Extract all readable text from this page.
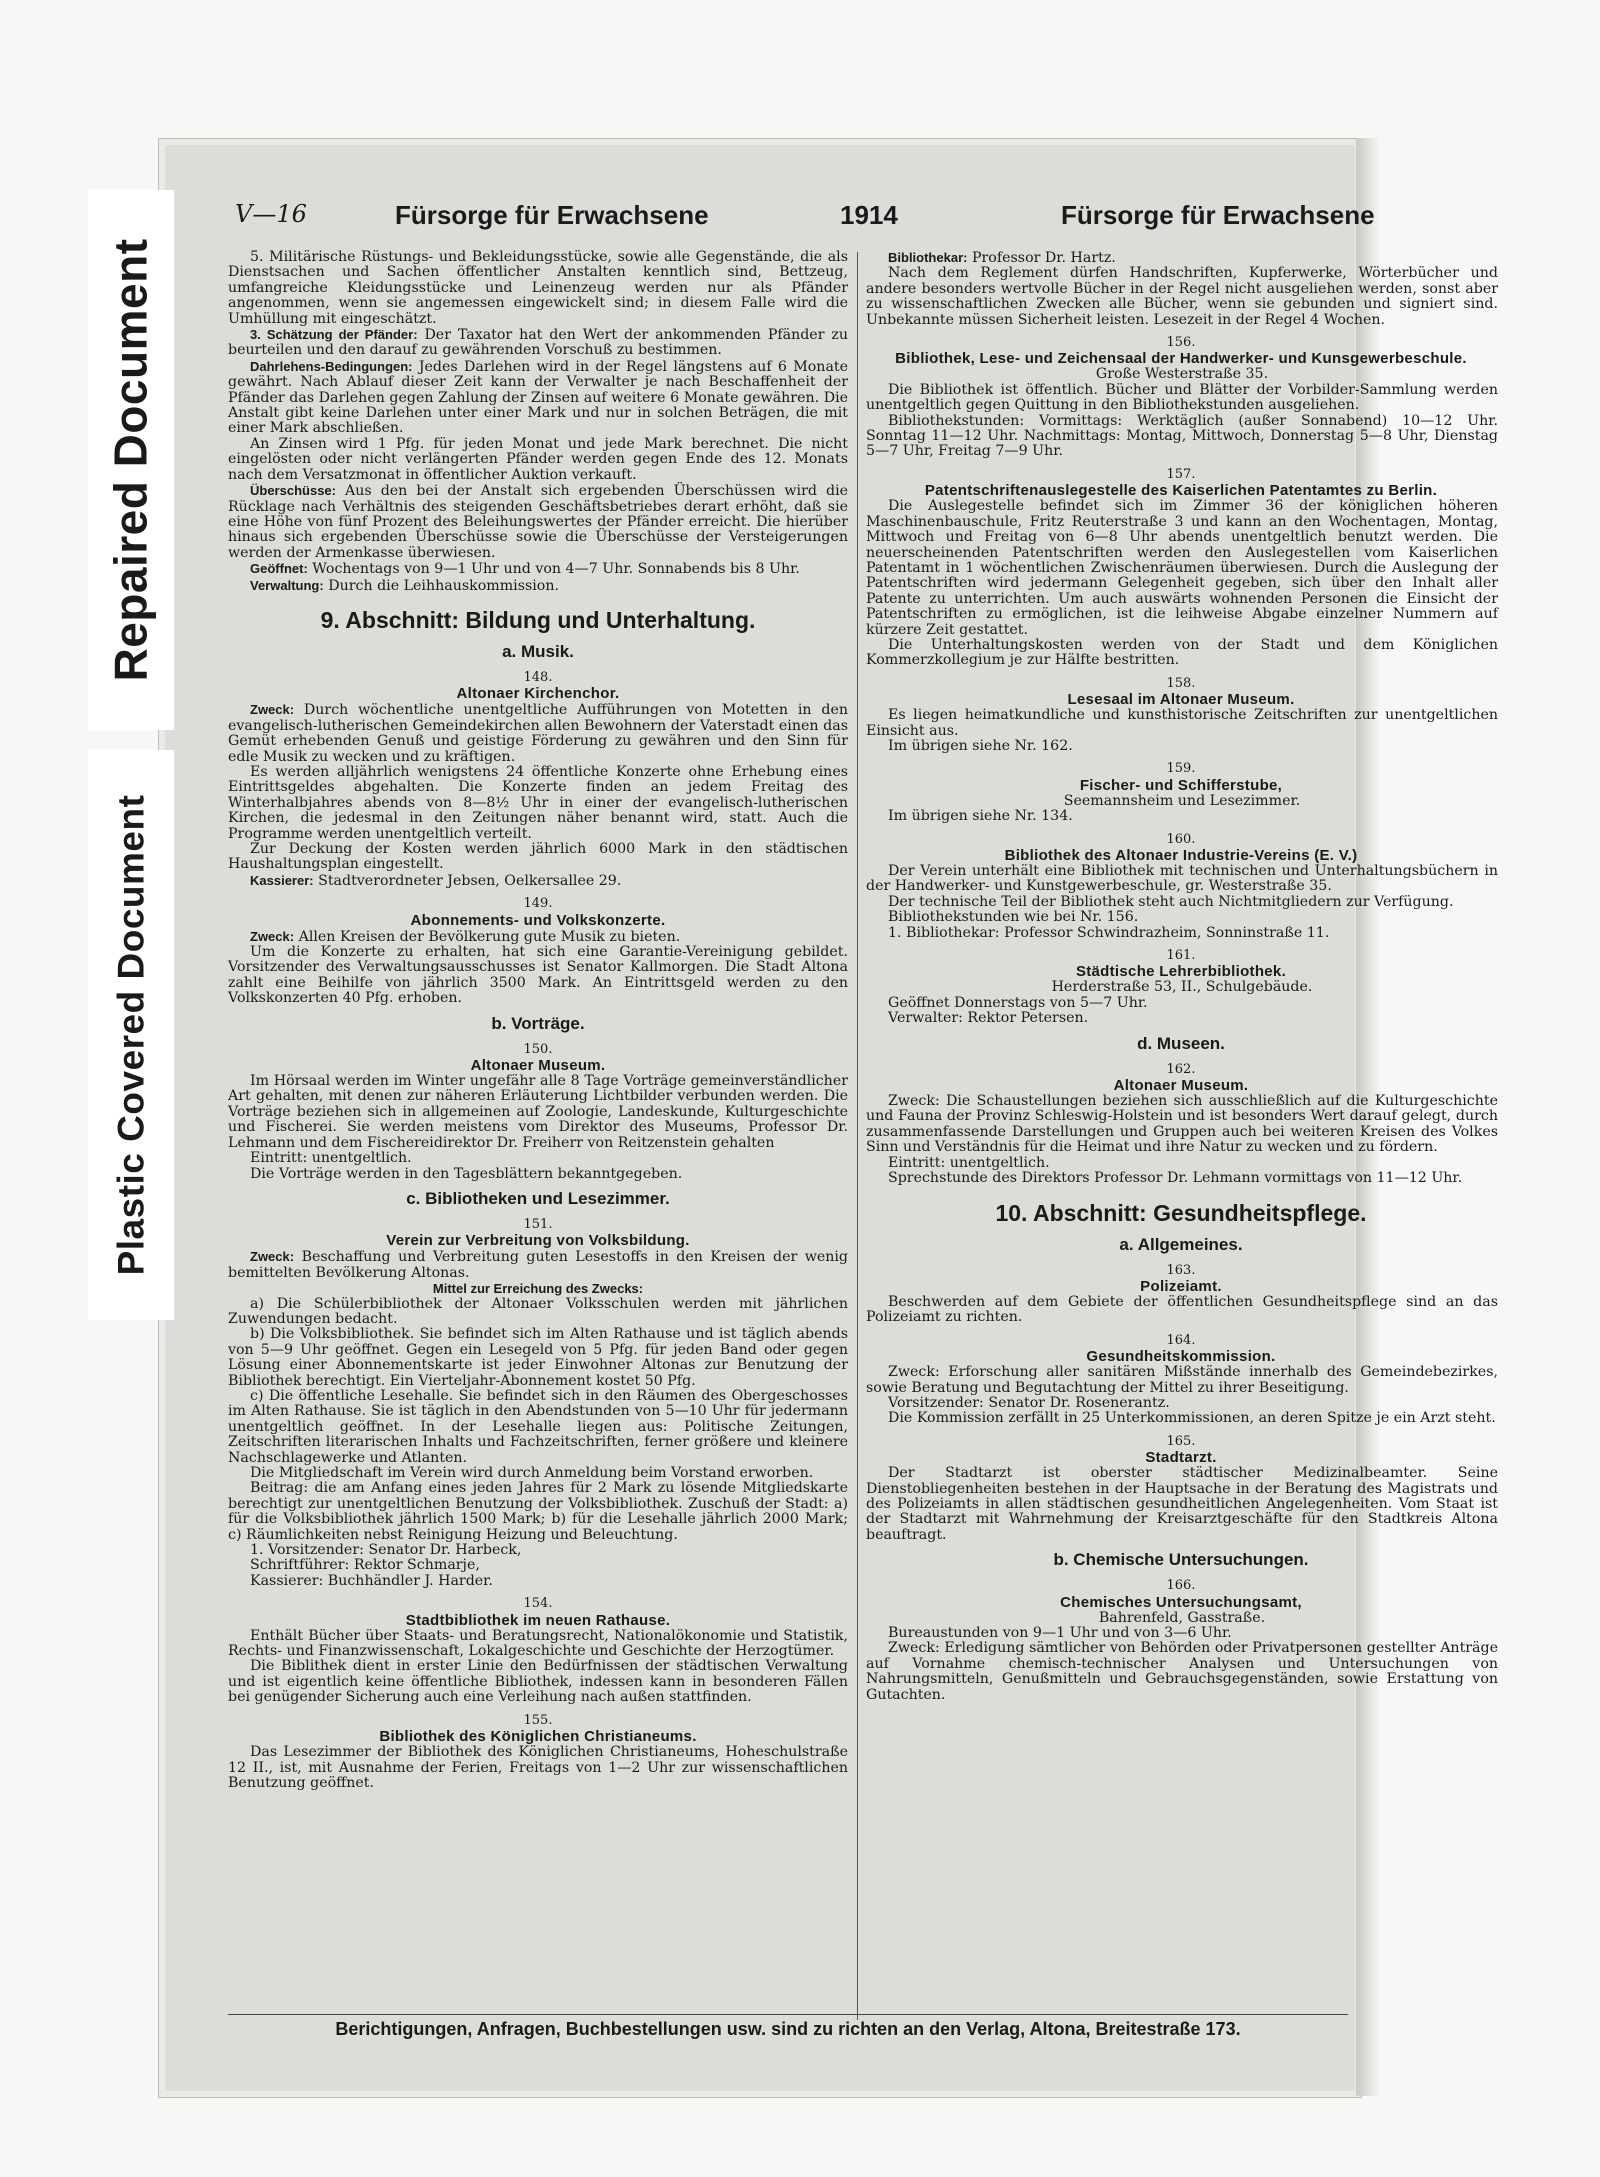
Repaired Document
Plastic Covered Document
V—16	Fürsorge für Erwachsene	1914	Fürsorge für Erwachsene

5. Militärische Rüstungs- und Bekleidungsstücke, sowie alle Gegenstände, die als Dienstsachen und Sachen öffentlicher Anstalten kenntlich sind, Bettzeug, umfangreiche Kleidungsstücke und Leinenzeug werden nur als Pfänder angenommen, wenn sie angemessen eingewickelt sind; in diesem Falle wird die Umhüllung mit eingeschätzt.

3. Schätzung der Pfänder: Der Taxator hat den Wert der ankommenden Pfänder zu beurteilen und den darauf zu gewährenden Vorschuß zu bestimmen.

Dahrlehens-Bedingungen: Jedes Darlehen wird in der Regel längstens auf 6 Monate gewährt. Nach Ablauf dieser Zeit kann der Verwalter je nach Beschaffenheit der Pfänder das Darlehen gegen Zahlung der Zinsen auf weitere 6 Monate gewähren. Die Anstalt gibt keine Darlehen unter einer Mark und nur in solchen Beträgen, die mit einer Mark abschließen.

An Zinsen wird 1 Pfg. für jeden Monat und jede Mark berechnet. Die nicht eingelösten oder nicht verlängerten Pfänder werden gegen Ende des 12. Monats nach dem Versatzmonat in öffentlicher Auktion verkauft.

Überschüsse: Aus den bei der Anstalt sich ergebenden Überschüssen wird die Rücklage nach Verhältnis des steigenden Geschäftsbetriebes derart erhöht, daß sie eine Höhe von fünf Prozent des Beleihungswertes der Pfänder erreicht. Die hierüber hinaus sich ergebenden Überschüsse sowie die Überschüsse der Versteigerungen werden der Armenkasse überwiesen.

Geöffnet: Wochentags von 9—1 Uhr und von 4—7 Uhr. Sonnabends bis 8 Uhr.

Verwaltung: Durch die Leihhauskommission.

9. Abschnitt: Bildung und Unterhaltung.
a. Musik.
148.
Altonaer Kirchenchor.

Zweck: Durch wöchentliche unentgeltliche Aufführungen von Motetten in den evangelisch-lutherischen Gemeindekirchen allen Bewohnern der Vaterstadt einen das Gemüt erhebenden Genuß und geistige Förderung zu gewähren und den Sinn für edle Musik zu wecken und zu kräftigen.

Es werden alljährlich wenigstens 24 öffentliche Konzerte ohne Erhebung eines Eintrittsgeldes abgehalten. Die Konzerte finden an jedem Freitag des Winterhalbjahres abends von 8—8½ Uhr in einer der evangelisch-lutherischen Kirchen, die jedesmal in den Zeitungen näher benannt wird, statt. Auch die Programme werden unentgeltlich verteilt.

Zur Deckung der Kosten werden jährlich 6000 Mark in den städtischen Haushaltungsplan eingestellt.

Kassierer: Stadtverordneter Jebsen, Oelkersallee 29.

149.
Abonnements- und Volkskonzerte.

Zweck: Allen Kreisen der Bevölkerung gute Musik zu bieten.

Um die Konzerte zu erhalten, hat sich eine Garantie-Vereinigung gebildet. Vorsitzender des Verwaltungsausschusses ist Senator Kallmorgen. Die Stadt Altona zahlt eine Beihilfe von jährlich 3500 Mark. An Eintrittsgeld werden zu den Volkskonzerten 40 Pfg. erhoben.

b. Vorträge.
150.
Altonaer Museum.

Im Hörsaal werden im Winter ungefähr alle 8 Tage Vorträge gemeinverständlicher Art gehalten, mit denen zur näheren Erläuterung Lichtbilder verbunden werden. Die Vorträge beziehen sich in allgemeinen auf Zoologie, Landeskunde, Kulturgeschichte und Fischerei. Sie werden meistens vom Direktor des Museums, Professor Dr. Lehmann und dem Fischereidirektor Dr. Freiherr von Reitzenstein gehalten

Eintritt: unentgeltlich.

Die Vorträge werden in den Tagesblättern bekanntgegeben.

c. Bibliotheken und Lesezimmer.
151.
Verein zur Verbreitung von Volksbildung.

Zweck: Beschaffung und Verbreitung guten Lesestoffs in den Kreisen der wenig bemittelten Bevölkerung Altonas.

Mittel zur Erreichung des Zwecks:

a) Die Schülerbibliothek der Altonaer Volksschulen werden mit jährlichen Zuwendungen bedacht.

b) Die Volksbibliothek. Sie befindet sich im Alten Rathause und ist täglich abends von 5—9 Uhr geöffnet. Gegen ein Lesegeld von 5 Pfg. für jeden Band oder gegen Lösung einer Abonnementskarte ist jeder Einwohner Altonas zur Benutzung der Bibliothek berechtigt. Ein Vierteljahr-Abonnement kostet 50 Pfg.

c) Die öffentliche Lesehalle. Sie befindet sich in den Räumen des Obergeschosses im Alten Rathause. Sie ist täglich in den Abendstunden von 5—10 Uhr für jedermann unentgeltlich geöffnet. In der Lesehalle liegen aus: Politische Zeitungen, Zeitschriften literarischen Inhalts und Fachzeitschriften, ferner größere und kleinere Nachschlagewerke und Atlanten.

Die Mitgliedschaft im Verein wird durch Anmeldung beim Vorstand erworben.

Beitrag: die am Anfang eines jeden Jahres für 2 Mark zu lösende Mitgliedskarte berechtigt zur unentgeltlichen Benutzung der Volksbibliothek. Zuschuß der Stadt: a) für die Volksbibliothek jährlich 1500 Mark; b) für die Lesehalle jährlich 2000 Mark; c) Räumlichkeiten nebst Reinigung Heizung und Beleuchtung.

1. Vorsitzender: Senator Dr. Harbeck,

Schriftführer: Rektor Schmarje,

Kassierer: Buchhändler J. Harder.

154.
Stadtbibliothek im neuen Rathause.

Enthält Bücher über Staats- und Beratungsrecht, Nationalökonomie und Statistik, Rechts- und Finanzwissenschaft, Lokalgeschichte und Geschichte der Herzogtümer.

Die Biblithek dient in erster Linie den Bedürfnissen der städtischen Verwaltung und ist eigentlich keine öffentliche Bibliothek, indessen kann in besonderen Fällen bei genügender Sicherung auch eine Verleihung nach außen stattfinden.

155.
Bibliothek des Königlichen Christianeums.

Das Lesezimmer der Bibliothek des Königlichen Christianeums, Hoheschulstraße 12 II., ist, mit Ausnahme der Ferien, Freitags von 1—2 Uhr zur wissenschaftlichen Benutzung geöffnet.

Bibliothekar: Professor Dr. Hartz.

Nach dem Reglement dürfen Handschriften, Kupferwerke, Wörterbücher und andere besonders wertvolle Bücher in der Regel nicht ausgeliehen werden, sonst aber zu wissenschaftlichen Zwecken alle Bücher, wenn sie gebunden und signiert sind. Unbekannte müssen Sicherheit leisten. Lesezeit in der Regel 4 Wochen.

156.
Bibliothek, Lese- und Zeichensaal der Handwerker- und Kunsgewerbeschule.

Große Westerstraße 35.

Die Bibliothek ist öffentlich. Bücher und Blätter der Vorbilder-Sammlung werden unentgeltlich gegen Quittung in den Bibliothekstunden ausgeliehen.

Bibliothekstunden: Vormittags: Werktäglich (außer Sonnabend) 10—12 Uhr. Sonntag 11—12 Uhr. Nachmittags: Montag, Mittwoch, Donnerstag 5—8 Uhr, Dienstag 5—7 Uhr, Freitag 7—9 Uhr.

157.
Patentschriftenauslegestelle des Kaiserlichen Patentamtes zu Berlin.

Die Auslegestelle befindet sich im Zimmer 36 der königlichen höheren Maschinenbauschule, Fritz Reuterstraße 3 und kann an den Wochentagen, Montag, Mittwoch und Freitag von 6—8 Uhr abends unentgeltlich benutzt werden. Die neuerscheinenden Patentschriften werden den Auslegestellen vom Kaiserlichen Patentamt in 1 wöchentlichen Zwischenräumen überwiesen. Durch die Auslegung der Patentschriften wird jedermann Gelegenheit gegeben, sich über den Inhalt aller Patente zu unterrichten. Um auch auswärts wohnenden Personen die Einsicht der Patentschriften zu ermöglichen, ist die leihweise Abgabe einzelner Nummern auf kürzere Zeit gestattet.

Die Unterhaltungskosten werden von der Stadt und dem Königlichen Kommerzkollegium je zur Hälfte bestritten.

158.
Lesesaal im Altonaer Museum.

Es liegen heimatkundliche und kunsthistorische Zeitschriften zur unentgeltlichen Einsicht aus.

Im übrigen siehe Nr. 162.

159.
Fischer- und Schifferstube,

Seemannsheim und Lesezimmer.

Im übrigen siehe Nr. 134.

160.
Bibliothek des Altonaer Industrie-Vereins (E. V.)

Der Verein unterhält eine Bibliothek mit technischen und Unterhaltungsbüchern in der Handwerker- und Kunstgewerbeschule, gr. Westerstraße 35.

Der technische Teil der Bibliothek steht auch Nichtmitgliedern zur Verfügung.

Bibliothekstunden wie bei Nr. 156.

1. Bibliothekar: Professor Schwindrazheim, Sonninstraße 11.

161.
Städtische Lehrerbibliothek.

Herderstraße 53, II., Schulgebäude.

Geöffnet Donnerstags von 5—7 Uhr.

Verwalter: Rektor Petersen.

d. Museen.
162.
Altonaer Museum.

Zweck: Die Schaustellungen beziehen sich ausschließlich auf die Kulturgeschichte und Fauna der Provinz Schleswig-Holstein und ist besonders Wert darauf gelegt, durch zusammenfassende Darstellungen und Gruppen auch bei weiteren Kreisen des Volkes Sinn und Verständnis für die Heimat und ihre Natur zu wecken und zu fördern.

Eintritt: unentgeltlich.

Sprechstunde des Direktors Professor Dr. Lehmann vormittags von 11—12 Uhr.

10. Abschnitt: Gesundheitspflege.
a. Allgemeines.
163.
Polizeiamt.

Beschwerden auf dem Gebiete der öffentlichen Gesundheitspflege sind an das Polizeiamt zu richten.

164.
Gesundheitskommission.

Zweck: Erforschung aller sanitären Mißstände innerhalb des Gemeindebezirkes, sowie Beratung und Begutachtung der Mittel zu ihrer Beseitigung.

Vorsitzender: Senator Dr. Rosenerantz.

Die Kommission zerfällt in 25 Unterkommissionen, an deren Spitze je ein Arzt steht.

165.
Stadtarzt.

Der Stadtarzt ist oberster städtischer Medizinalbeamter. Seine Dienstobliegenheiten bestehen in der Hauptsache in der Beratung des Magistrats und des Polizeiamts in allen städtischen gesundheitlichen Angelegenheiten. Vom Staat ist der Stadtarzt mit Wahrnehmung der Kreisarztgeschäfte für den Stadtkreis Altona beauftragt.

b. Chemische Untersuchungen.
166.
Chemisches Untersuchungsamt,

Bahrenfeld, Gasstraße.

Bureaustunden von 9—1 Uhr und von 3—6 Uhr.

Zweck: Erledigung sämtlicher von Behörden oder Privatpersonen gestellter Anträge auf Vornahme chemisch-technischer Analysen und Untersuchungen von Nahrungsmitteln, Genußmitteln und Gebrauchsgegenständen, sowie Erstattung von Gutachten.

Berichtigungen, Anfragen, Buchbestellungen usw. sind zu richten an den Verlag, Altona, Breitestraße 173.
